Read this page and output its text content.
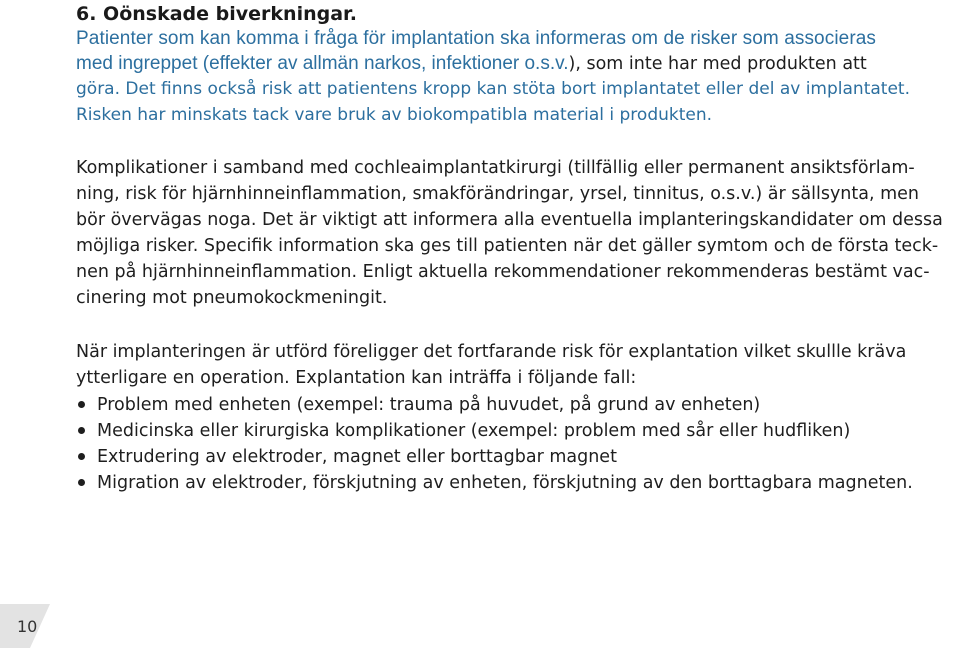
6. Oönskade biverkningar.

Patienter som kan komma i fråga för implantation ska informeras om de risker som associeras

med ingreppet (effekter av allmän narkos, infektioner o.s.v.), som inte har med produkten att

göra. Det finns också risk att patientens kropp kan stöta bort implantatet eller del av implantatet.

Risken har minskats tack vare bruk av biokompatibla material i produkten.

Komplikationer i samband med cochleaimplantatkirurgi (tillfällig eller permanent ansiktsförlam-

ning, risk för hjärnhinneinflammation, smakförändringar, yrsel, tinnitus, o.s.v.) är sällsynta, men

bör övervägas noga. Det är viktigt att informera alla eventuella implanteringskandidater om dessa

möjliga risker. Specifik information ska ges till patienten när det gäller symtom och de första teck-

nen på hjärnhinneinflammation. Enligt aktuella rekommendationer rekommenderas bestämt vac-

cinering mot pneumokockmeningit.

När implanteringen är utförd föreligger det fortfarande risk för explantation vilket skullle kräva

ytterligare en operation. Explantation kan inträffa i följande fall:

Problem med enheten (exempel: trauma på huvudet, på grund av enheten)

Medicinska eller kirurgiska komplikationer (exempel: problem med sår eller hudfliken)

Extrudering av elektroder, magnet eller borttagbar magnet

Migration av elektroder, förskjutning av enheten, förskjutning av den borttagbara magneten.

10
